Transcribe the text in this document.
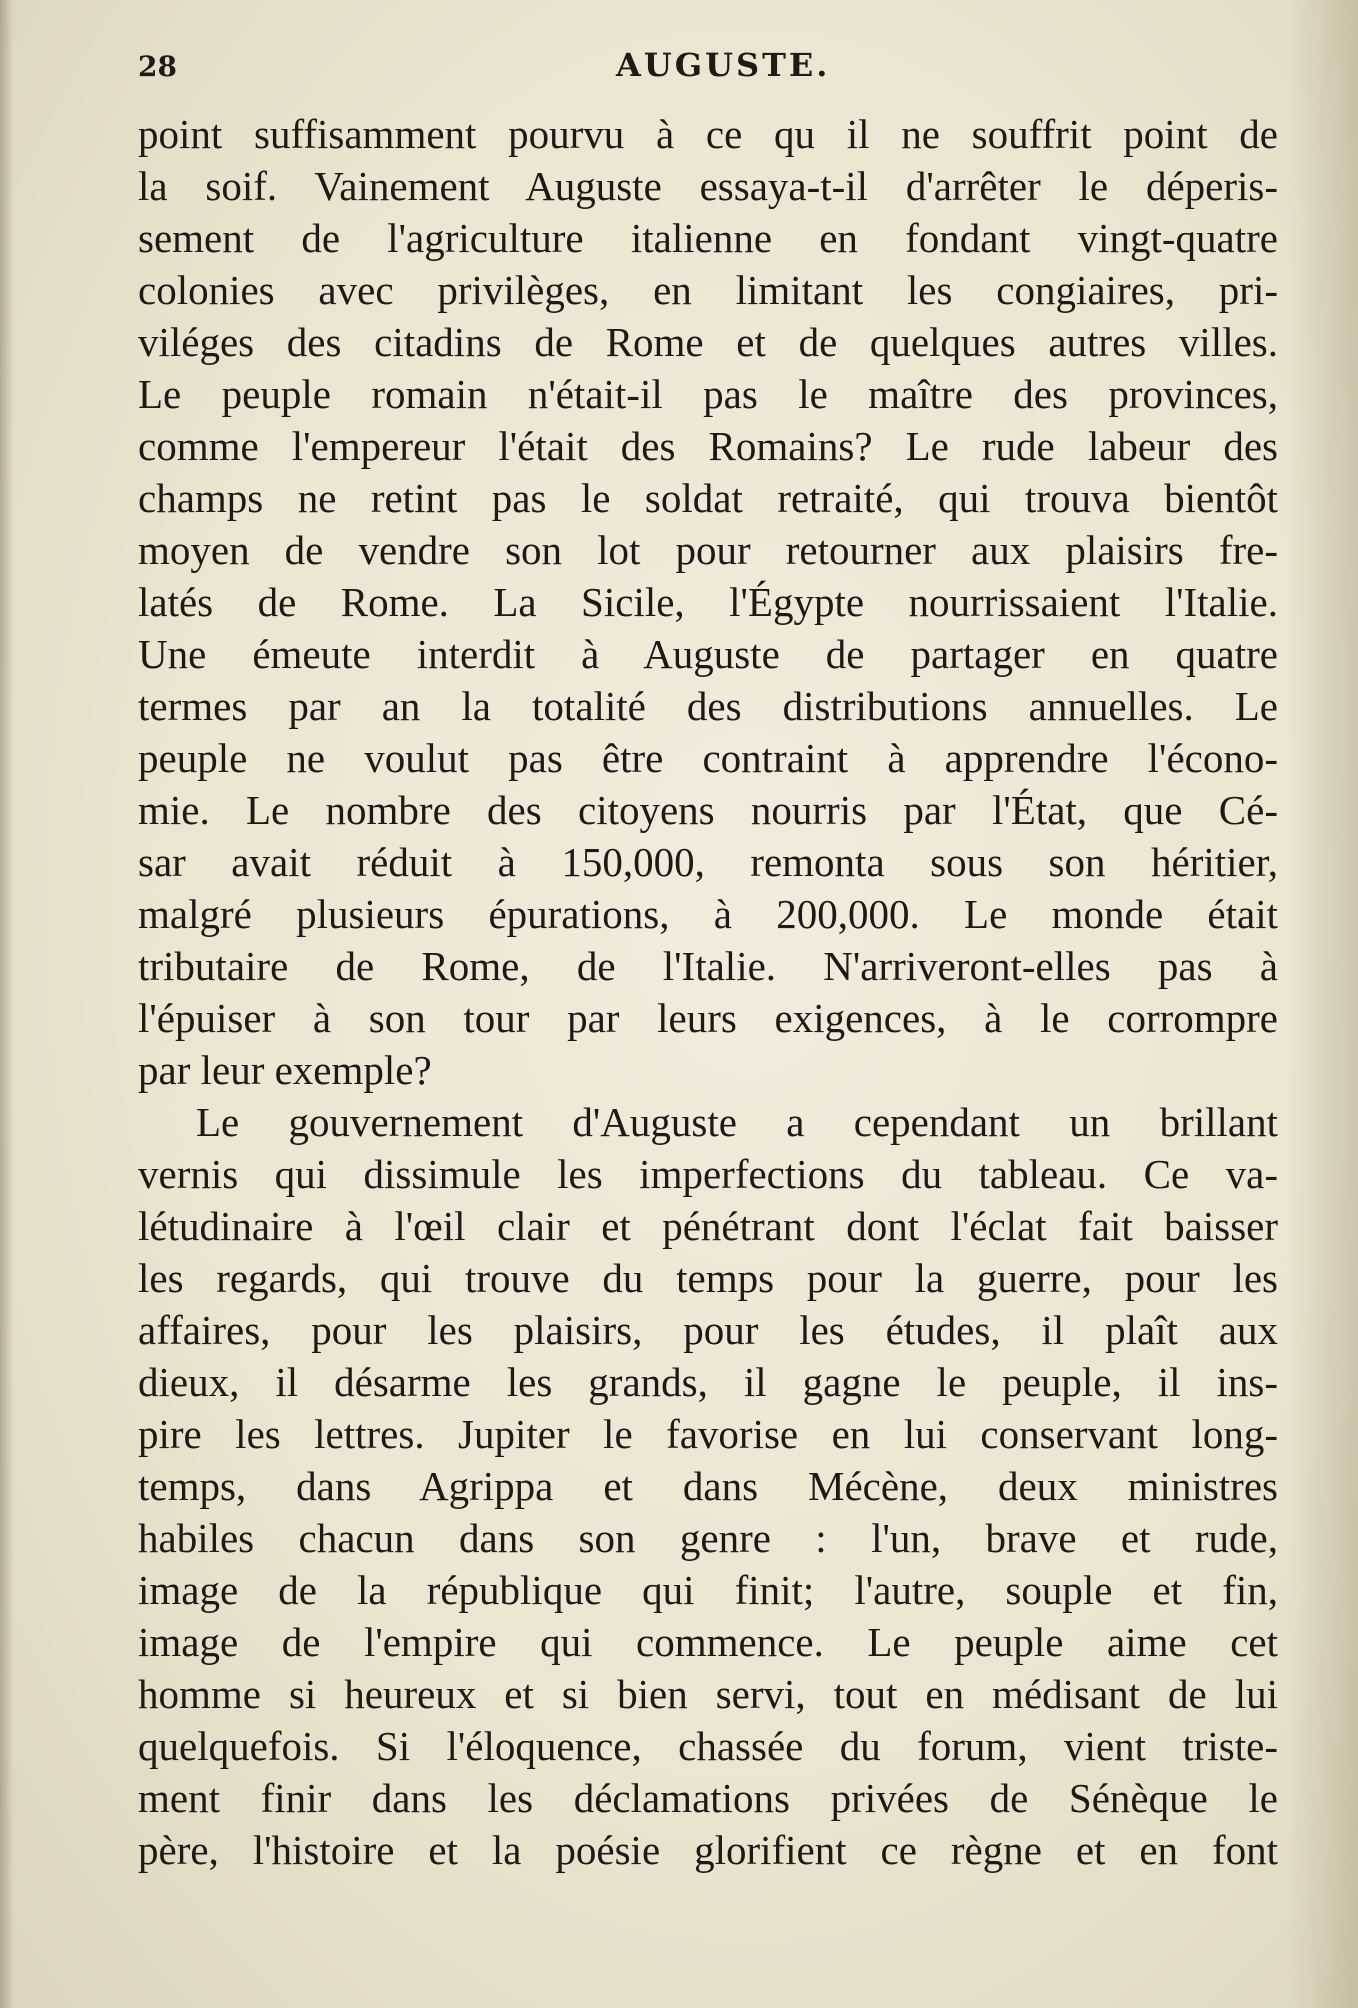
28	AUGUSTE.
point suffisamment pourvu à ce qu il ne souffrit point de
la soif. Vainement Auguste essaya-t-il d'arrêter le déperis-
sement de l'agriculture italienne en fondant vingt-quatre
colonies avec privilèges, en limitant les congiaires, pri-
viléges des citadins de Rome et de quelques autres villes.
Le peuple romain n'était-il pas le maître des provinces,
comme l'empereur l'était des Romains? Le rude labeur des
champs ne retint pas le soldat retraité, qui trouva bientôt
moyen de vendre son lot pour retourner aux plaisirs fre-
latés de Rome. La Sicile, l'Égypte nourrissaient l'Italie.
Une émeute interdit à Auguste de partager en quatre
termes par an la totalité des distributions annuelles. Le
peuple ne voulut pas être contraint à apprendre l'écono-
mie. Le nombre des citoyens nourris par l'État, que Cé-
sar avait réduit à 150,000, remonta sous son héritier,
malgré plusieurs épurations, à 200,000. Le monde était
tributaire de Rome, de l'Italie. N'arriveront-elles pas à
l'épuiser à son tour par leurs exigences, à le corrompre
par leur exemple?
Le gouvernement d'Auguste a cependant un brillant
vernis qui dissimule les imperfections du tableau. Ce va-
létudinaire à l'œil clair et pénétrant dont l'éclat fait baisser
les regards, qui trouve du temps pour la guerre, pour les
affaires, pour les plaisirs, pour les études, il plaît aux
dieux, il désarme les grands, il gagne le peuple, il ins-
pire les lettres. Jupiter le favorise en lui conservant long-
temps, dans Agrippa et dans Mécène, deux ministres
habiles chacun dans son genre : l'un, brave et rude,
image de la république qui finit; l'autre, souple et fin,
image de l'empire qui commence. Le peuple aime cet
homme si heureux et si bien servi, tout en médisant de lui
quelquefois. Si l'éloquence, chassée du forum, vient triste-
ment finir dans les déclamations privées de Sénèque le
père, l'histoire et la poésie glorifient ce règne et en font
